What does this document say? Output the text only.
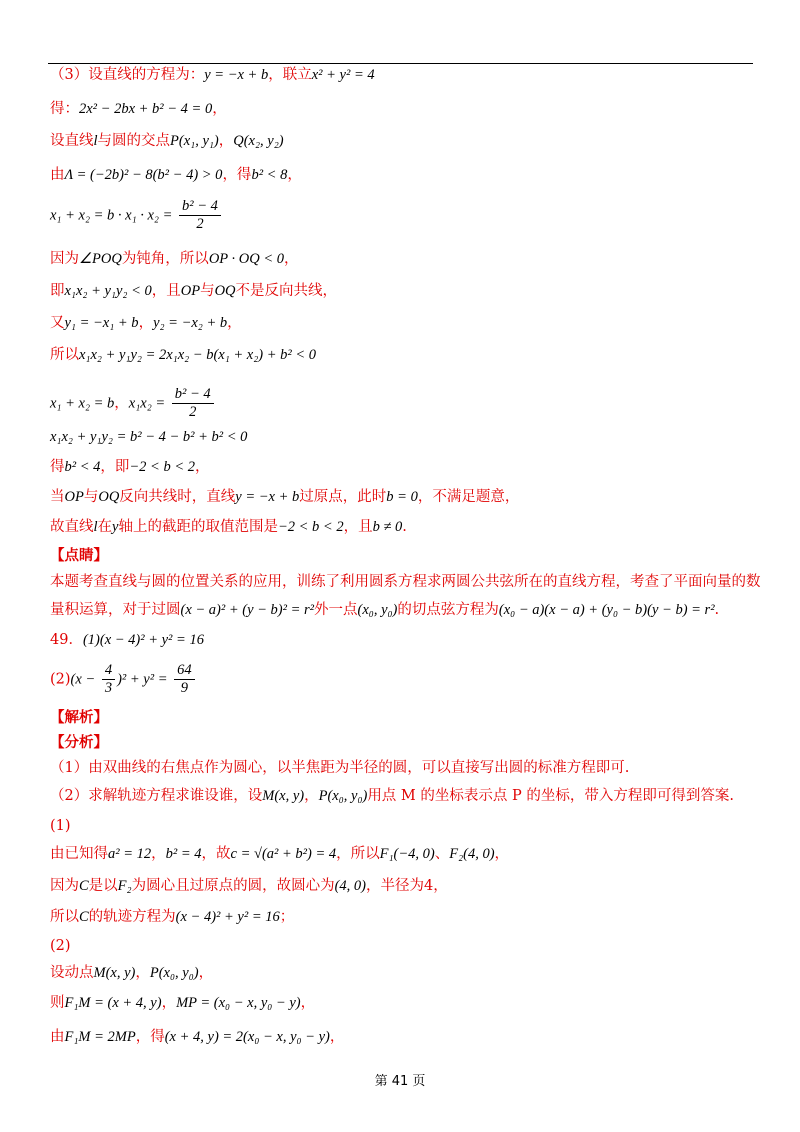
（3）设直线的方程为：y = −x + b，联立x² + y² = 4
得：2x² − 2bx + b² − 4 = 0，
设直线l与圆的交点P(x₁, y₁)，Q(x₂, y₂)
由Λ = (−2b)² − 8(b² − 4) > 0，得b² < 8，
$x_1 + x_2 = b \cdot x_1 \cdot x_2 = \frac{\text{b² − 4}}{2}$
因为∠POQ为钝角，所以OP · OQ < 0，
即x₁x₂ + y₁y₂ < 0，且OP与OQ不是反向共线，
又y₁ = −x₁ + b，y₂ = −x₂ + b，
所以x₁x₂ + y₁y₂ = 2x₁x₂ − b(x₁ + x₂) + b² < 0
x₁ + x₂ = b，$x_1x_2 = \frac{\text{b² − 4}}{2}$
x₁x₂ + y₁y₂ = b² − 4 − b² + b² < 0
得b² < 4，即−2 < b < 2，
当OP与OQ反向共线时，直线y = −x + b过原点，此时b = 0，不满足题意，
故直线l在y轴上的截距的取值范围是−2 < b < 2，且b ≠ 0.
【点睛】
本题考查直线与圆的位置关系的应用，训练了利用圆系方程求两圆公共弦所在的直线方程，考查了平面向量的数
量积运算，对于过圆(x − a)² + (y − b)² = r²外一点(x₀, y₀)的切点弦方程为(x₀ − a)(x − a) + (y₀ − b)(y − b) = r².
49．(1)(x − 4)² + y² = 16
$(2)(x - \frac{4}{3} )^2 + y^2 = \frac{64}{9}$
【解析】
【分析】
（1）由双曲线的右焦点作为圆心，以半焦距为半径的圆，可以直接写出圆的标准方程即可.
（2）求解轨迹方程求谁设谁，设M(x, y)，P(x₀, y₀)用点 M 的坐标表示点 P 的坐标，带入方程即可得到答案.
(1)
由已知得a² = 12，b² = 4，故c = √(a² + b²) = 4，所以F₁(−4, 0)、F₂(4, 0)，
因为C是以F₂为圆心且过原点的圆，故圆心为(4, 0)，半径为4，
所以C的轨迹方程为(x − 4)² + y² = 16；
(2)
设动点M(x, y)，P(x₀, y₀)，
则F₁M = (x + 4, y)，MP = (x₀ − x, y₀ − y)，
由F₁M = 2MP，得(x + 4, y) = 2(x₀ − x, y₀ − y)，
第 41 页
